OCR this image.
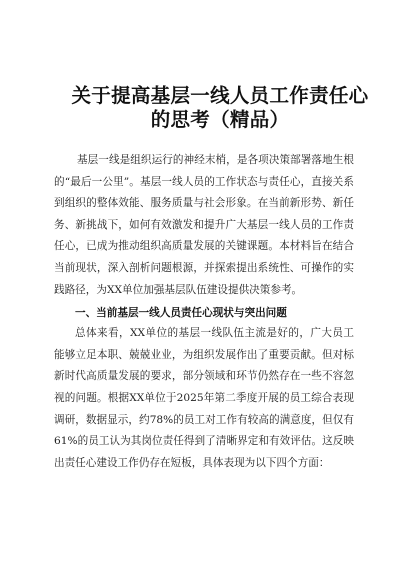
关于提高基层一线人员工作责任心
的思考（精品）

基层一线是组织运行的神经末梢，是各项决策部署落地生根的“最后一公里”。基层一线人员的工作状态与责任心，直接关系到组织的整体效能、服务质量与社会形象。在当前新形势、新任务、新挑战下，如何有效激发和提升广大基层一线人员的工作责任心，已成为推动组织高质量发展的关键课题。本材料旨在结合当前现状，深入剖析问题根源，并探索提出系统性、可操作的实践路径，为XX单位加强基层队伍建设提供决策参考。

一、当前基层一线人员责任心现状与突出问题

总体来看，XX单位的基层一线队伍主流是好的，广大员工能够立足本职、兢兢业业，为组织发展作出了重要贡献。但对标新时代高质量发展的要求，部分领域和环节仍然存在一些不容忽视的问题。根据XX单位于2025年第二季度开展的员工综合表现调研，数据显示，约78%的员工对工作有较高的满意度，但仅有61%的员工认为其岗位责任得到了清晰界定和有效评估。这反映出责任心建设工作仍存在短板，具体表现为以下四个方面：
